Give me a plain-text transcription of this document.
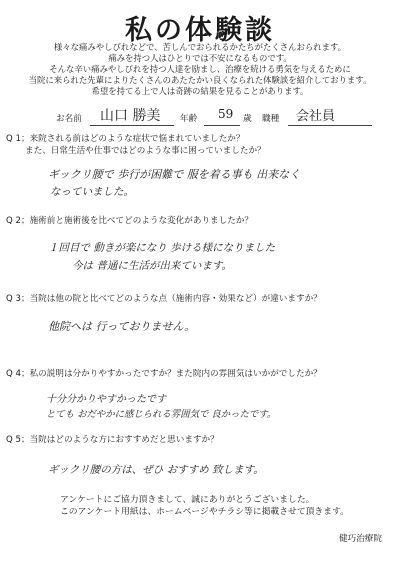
私の体験談
様々な痛みやしびれなどで、苦しんでおられるかたちがたくさんおられます。
痛みを持つ人はひとりでは不安になるものです。
そんな辛い痛みやしびれを持つ人達を励まし、治療を続ける勇気を与えるために
当院に来られた先輩によりたくさんのあたたかい良くなられた体験談を紹介しております。
希望を持てる上で人は奇跡の結果を見ることがあります。
お名前 山口 勝美 年齢 59 歳 職種 会社員
Q 1；来院される前はどのような症状で悩まれていましたか？
また、日常生活や仕事ではどのような事に困っていましたか？
ギックリ腰で 歩行が困難で 服を着る事も 出来なく
なっていました。
Q 2；施術前と施術後を比べてどのような変化がありましたか？
１回目で 動きが楽になり 歩ける様になりました
今は 普通に生活が出来ています。
Q 3；当院は他の院と比べてどのような点（施術内容・効果など）が違いますか？
他院へは 行っておりません。
Q 4；私の説明は分かりやすかったですか？また院内の雰囲気はいかがでしたか？
十分分かりやすかったです
とても おだやかに感じられる雰囲気で 良かったです。
Q 5；当院はどのような方におすすめだと思いますか？
ギックリ腰の方は、ぜひ おすすめ 致します。
アンケートにご協力頂きまして、誠にありがとうございました。
このアンケート用紙は、ホームページやチラシ等に掲載させて頂きます。
健巧治療院
